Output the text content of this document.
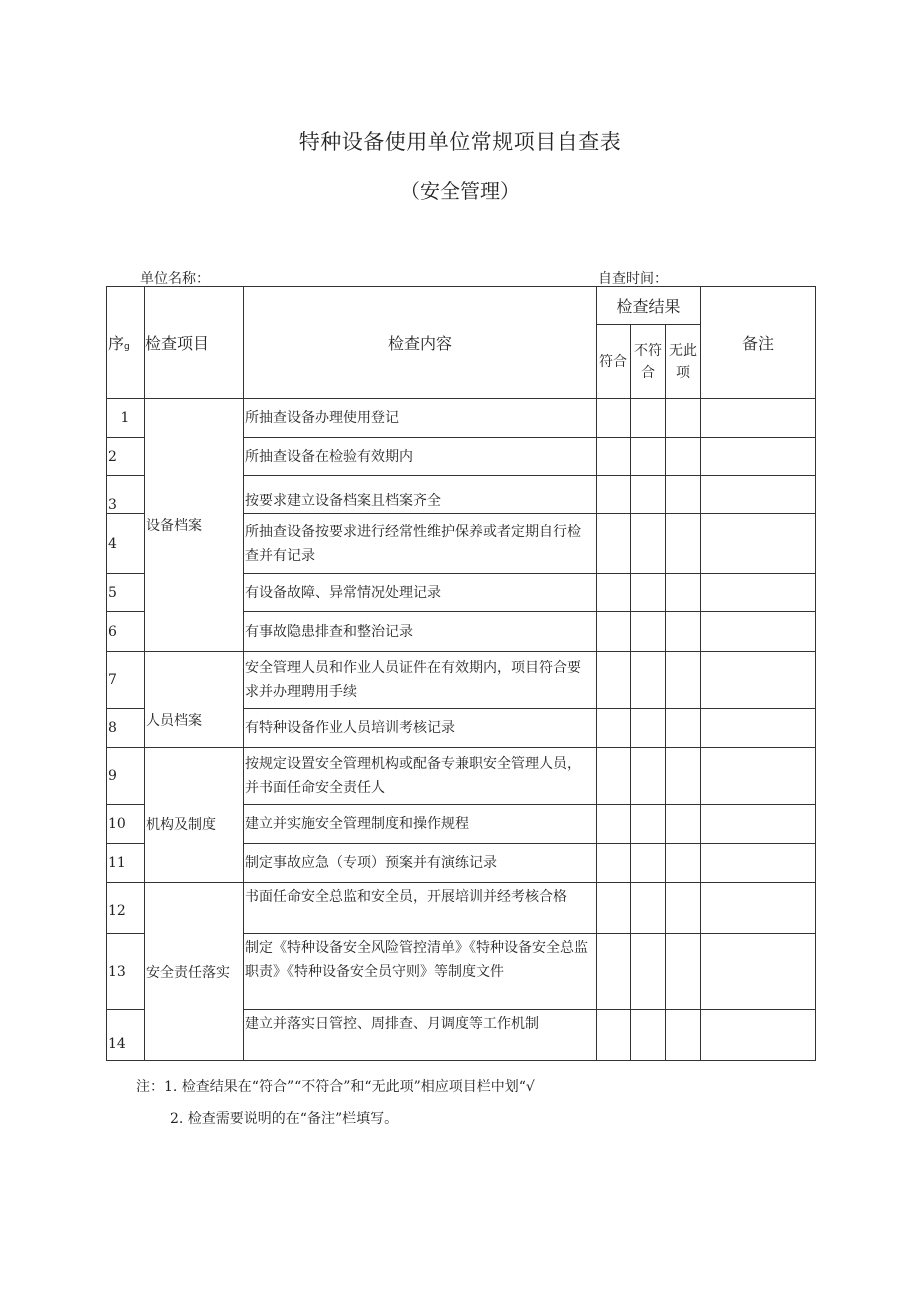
特种设备使用单位常规项目自查表
（安全管理）
单位名称：	自查时间：
序g	检查项目	检查内容	检查结果			备注
			符合	不符合	无此项	
1	设备档案	所抽查设备办理使用登记				
2		所抽查设备在检验有效期内				
3		按要求建立设备档案且档案齐全				
4		所抽查设备按要求进行经常性维护保养或者定期自行检查并有记录				
5		有设备故障、异常情况处理记录				
6		有事故隐患排查和整治记录				
7	人员档案	安全管理人员和作业人员证件在有效期内，项目符合要求并办理聘用手续				
8		有特种设备作业人员培训考核记录				
9	机构及制度	按规定设置安全管理机构或配备专兼职安全管理人员，并书面任命安全责任人				
10		建立并实施安全管理制度和操作规程				
11		制定事故应急（专项）预案并有演练记录				
12	安全责任落实	书面任命安全总监和安全员，开展培训并经考核合格				
13		制定《特种设备安全风险管控清单》《特种设备安全总监职责》《特种设备安全员守则》等制度文件				
14		建立并落实日管控、周排查、月调度等工作机制				
注：1. 检查结果在“符合”“不符合”和“无此项”相应项目栏中划“√
2. 检查需要说明的在“备注”栏填写。
